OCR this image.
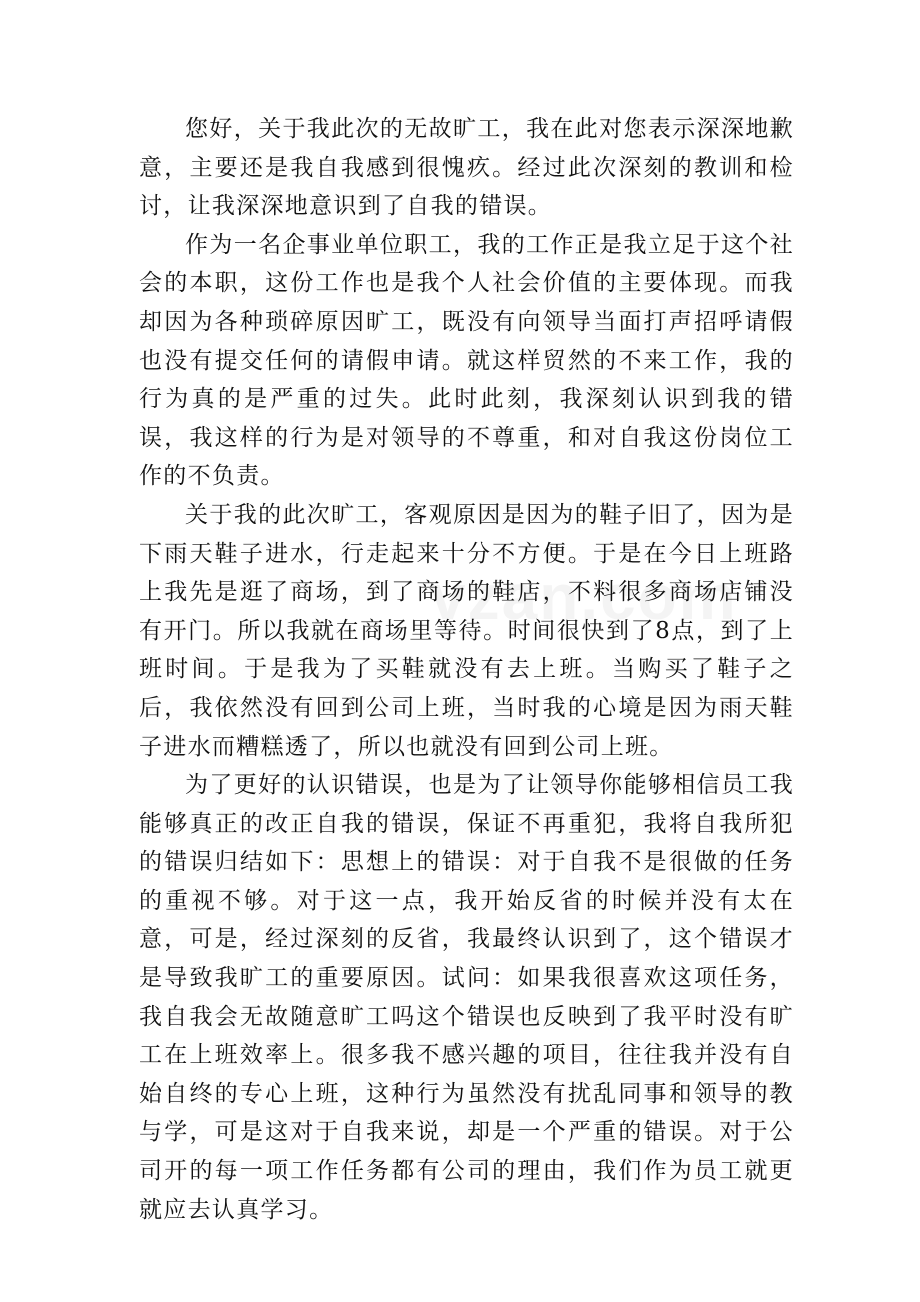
您好，关于我此次的无故旷工，我在此对您表示深深地歉意，主要还是我自我感到很愧疚。经过此次深刻的教训和检讨，让我深深地意识到了自我的错误。

作为一名企事业单位职工，我的工作正是我立足于这个社会的本职，这份工作也是我个人社会价值的主要体现。而我却因为各种琐碎原因旷工，既没有向领导当面打声招呼请假也没有提交任何的请假申请。就这样贸然的不来工作，我的行为真的是严重的过失。此时此刻，我深刻认识到我的错误，我这样的行为是对领导的不尊重，和对自我这份岗位工作的不负责。

关于我的此次旷工，客观原因是因为的鞋子旧了，因为是下雨天鞋子进水，行走起来十分不方便。于是在今日上班路上我先是逛了商场，到了商场的鞋店，不料很多商场店铺没有开门。所以我就在商场里等待。时间很快到了8点，到了上班时间。于是我为了买鞋就没有去上班。当购买了鞋子之后，我依然没有回到公司上班，当时我的心境是因为雨天鞋子进水而糟糕透了，所以也就没有回到公司上班。

为了更好的认识错误，也是为了让领导你能够相信员工我能够真正的改正自我的错误，保证不再重犯，我将自我所犯的错误归结如下：思想上的错误：对于自我不是很做的任务的重视不够。对于这一点，我开始反省的时候并没有太在意，可是，经过深刻的反省，我最终认识到了，这个错误才是导致我旷工的重要原因。试问：如果我很喜欢这项任务，我自我会无故随意旷工吗这个错误也反映到了我平时没有旷工在上班效率上。很多我不感兴趣的项目，往往我并没有自始自终的专心上班，这种行为虽然没有扰乱同事和领导的教与学，可是这对于自我来说，却是一个严重的错误。对于公司开的每一项工作任务都有公司的理由，我们作为员工就更就应去认真学习。
